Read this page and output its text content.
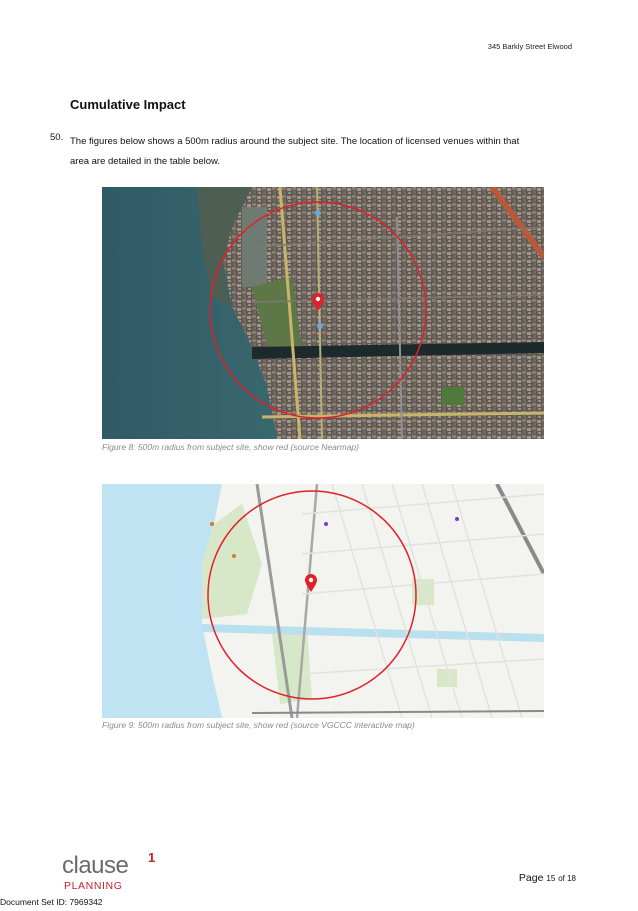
345 Barkly Street Elwood
Cumulative Impact
50. The figures below shows a 500m radius around the subject site. The location of licensed venues within that
area are detailed in the table below.
Figure 8: 500m radius from subject site, show red (source Nearmap)
Figure 9: 500m radius from subject site, show red (source VGCCC interactive map)
clause 1
PLANNING
Page 15 of 18
Document Set ID: 7969342
